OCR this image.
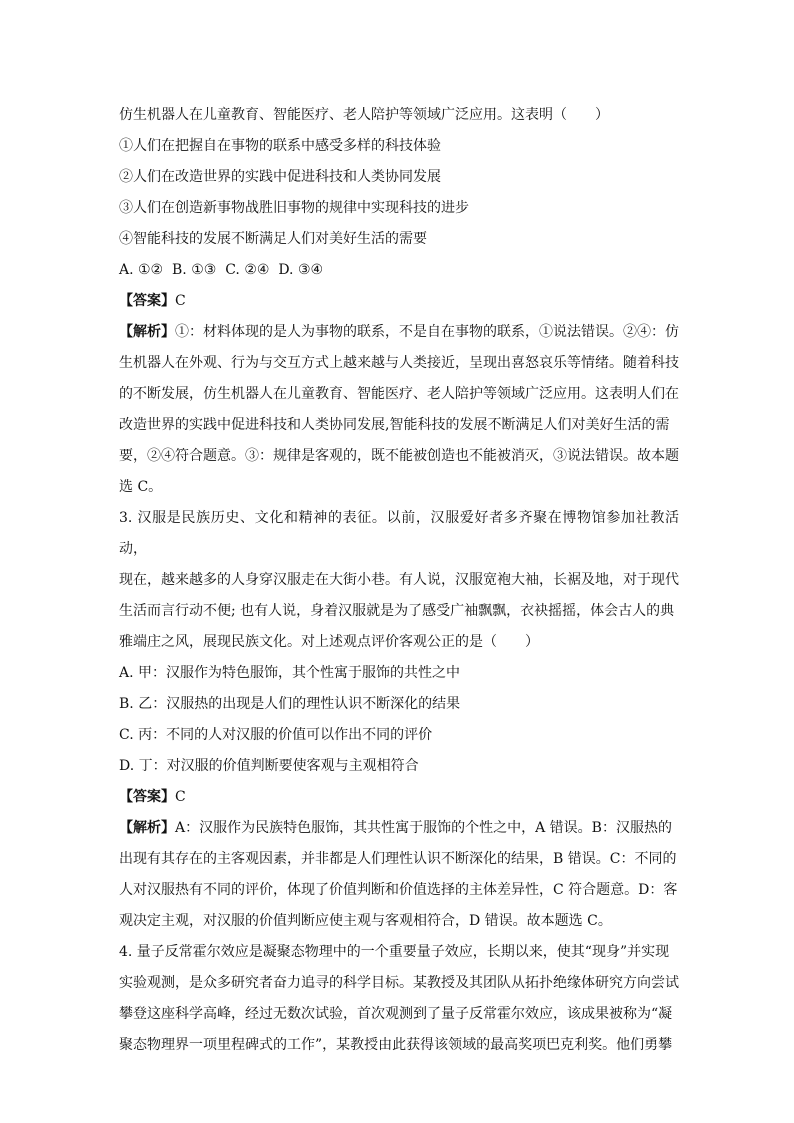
仿生机器人在儿童教育、智能医疗、老人陪护等领域广泛应用。这表明（　　）
①人们在把握自在事物的联系中感受多样的科技体验
②人们在改造世界的实践中促进科技和人类协同发展
③人们在创造新事物战胜旧事物的规律中实现科技的进步
④智能科技的发展不断满足人们对美好生活的需要
A. ①②  B. ①③  C. ②④  D. ③④
【答案】C
【解析】①：材料体现的是人为事物的联系，不是自在事物的联系，①说法错误。②④：仿
生机器人在外观、行为与交互方式上越来越与人类接近，呈现出喜怒哀乐等情绪。随着科技
的不断发展，仿生机器人在儿童教育、智能医疗、老人陪护等领域广泛应用。这表明人们在
改造世界的实践中促进科技和人类协同发展,智能科技的发展不断满足人们对美好生活的需
要，②④符合题意。③：规律是客观的，既不能被创造也不能被消灭，③说法错误。故本题
选 C。
3. 汉服是民族历史、文化和精神的表征。以前，汉服爱好者多齐聚在博物馆参加社教活动，
现在，越来越多的人身穿汉服走在大街小巷。有人说，汉服宽袍大袖，长裾及地，对于现代
生活而言行动不便; 也有人说，身着汉服就是为了感受广袖飘飘，衣袂摇摇，体会古人的典
雅端庄之风，展现民族文化。对上述观点评价客观公正的是（　　）
A. 甲：汉服作为特色服饰，其个性寓于服饰的共性之中
B. 乙：汉服热的出现是人们的理性认识不断深化的结果
C. 丙：不同的人对汉服的价值可以作出不同的评价
D. 丁：对汉服的价值判断要使客观与主观相符合
【答案】C
【解析】A：汉服作为民族特色服饰，其共性寓于服饰的个性之中，A 错误。B：汉服热的
出现有其存在的主客观因素，并非都是人们理性认识不断深化的结果，B 错误。C：不同的
人对汉服热有不同的评价，体现了价值判断和价值选择的主体差异性，C 符合题意。D：客
观决定主观，对汉服的价值判断应使主观与客观相符合，D 错误。故本题选 C。
4. 量子反常霍尔效应是凝聚态物理中的一个重要量子效应，长期以来，使其“现身”并实现
实验观测，是众多研究者奋力追寻的科学目标。某教授及其团队从拓扑绝缘体研究方向尝试
攀登这座科学高峰，经过无数次试验，首次观测到了量子反常霍尔效应，该成果被称为“凝
聚态物理界一项里程碑式的工作”，某教授由此获得该领域的最高奖项巴克利奖。他们勇攀
